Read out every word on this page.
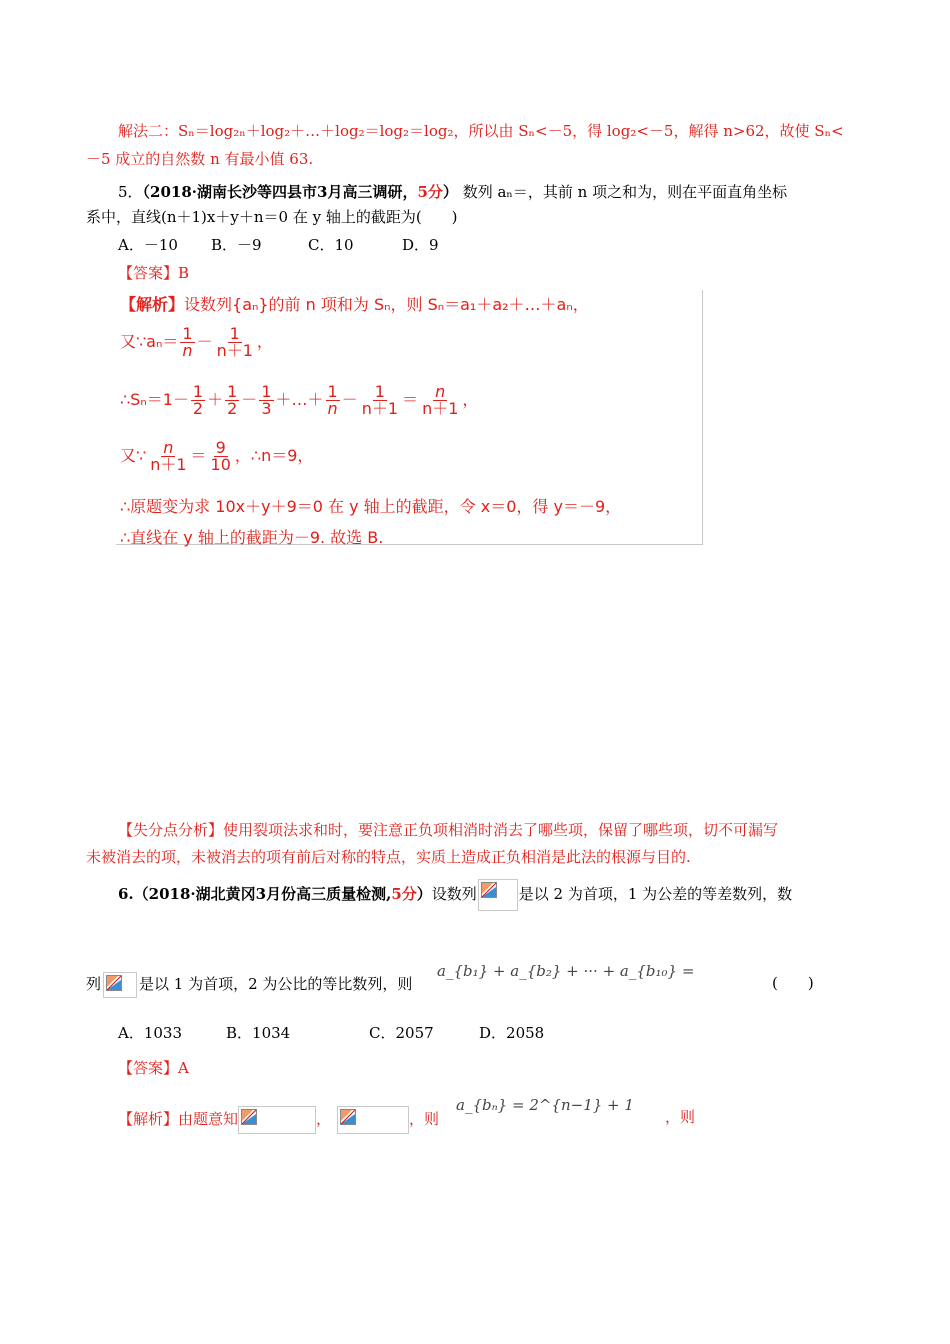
解法二：Sₙ＝log₂ₙ＋log₂＋…＋log₂＝log₂＝log₂，所以由 Sₙ<－5，得 log₂<－5，解得 n>62，故使 Sₙ<
－5 成立的自然数 n 有最小值 63.
5．（2018·湖南长沙等四县市3月高三调研，5分） 数列 aₙ＝，其前 n 项之和为，则在平面直角坐标
系中，直线(n＋1)x＋y＋n＝0 在 y 轴上的截距为(　　)
A．－10 B．－9	C．10	D．9
【答案】B
【解析】设数列{aₙ}的前 n 项和为 Sₙ，则 Sₙ＝a₁＋a₂＋…＋aₙ，
又∵aₙ＝ $\frac{1}{n} - \frac{1}{n+1}$ ，
∴Sₙ＝1－ $\frac{1}{2} + \frac{1}{2} - \frac{1}{3}$ ＋…＋ $\frac{1}{n} - \frac{1}{n+1} = \frac{n}{n+1}$ ，
又∵ $\frac{n}{n+1} = \frac{9}{10}$ ，∴n＝9，
∴原题变为求 10x＋y＋9＝0 在 y 轴上的截距，令 x＝0，得 y＝－9，
∴直线在 y 轴上的截距为－9. 故选 B.
【失分点分析】使用裂项法求和时，要注意正负项相消时消去了哪些项，保留了哪些项，切不可漏写
未被消去的项，未被消去的项有前后对称的特点，实质上造成正负相消是此法的根源与目的.
6.（2018·湖北黄冈3月份高三质量检测,5分）设数列	是以 2 为首项，1 为公差的等差数列，数
列	是以 1 为首项，2 为公比的等比数列，则
a_{b₁} + a_{b₂} + ··· + a_{b₁₀} =
(　　)
A．1033	B．1034	C．2057	D．2058
【答案】A
【解析】由题意知	，	，则
a_{bₙ} = 2^{n−1} + 1
，则
